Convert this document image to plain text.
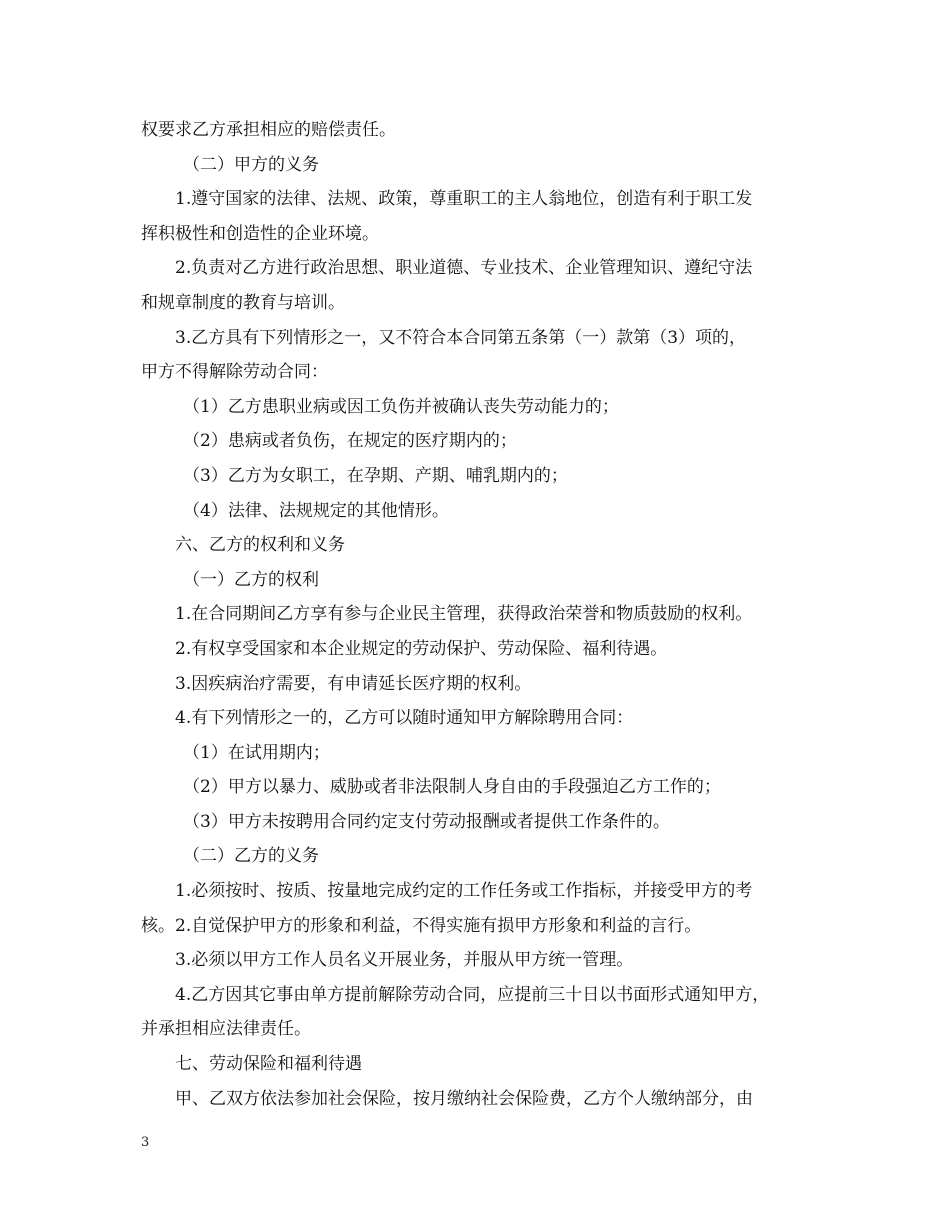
权要求乙方承担相应的赔偿责任。
（二）甲方的义务
1.遵守国家的法律、法规、政策，尊重职工的主人翁地位，创造有利于职工发
挥积极性和创造性的企业环境。
2.负责对乙方进行政治思想、职业道德、专业技术、企业管理知识、遵纪守法
和规章制度的教育与培训。
3.乙方具有下列情形之一，又不符合本合同第五条第（一）款第（3）项的，
甲方不得解除劳动合同：
（1）乙方患职业病或因工负伤并被确认丧失劳动能力的；
（2）患病或者负伤，在规定的医疗期内的；
（3）乙方为女职工，在孕期、产期、哺乳期内的；
（4）法律、法规规定的其他情形。
六、乙方的权利和义务
（一）乙方的权利
1.在合同期间乙方享有参与企业民主管理，获得政治荣誉和物质鼓励的权利。
2.有权享受国家和本企业规定的劳动保护、劳动保险、福利待遇。
3.因疾病治疗需要，有申请延长医疗期的权利。
4.有下列情形之一的，乙方可以随时通知甲方解除聘用合同：
（1）在试用期内；
（2）甲方以暴力、威胁或者非法限制人身自由的手段强迫乙方工作的；
（3）甲方未按聘用合同约定支付劳动报酬或者提供工作条件的。
（二）乙方的义务
1.必须按时、按质、按量地完成约定的工作任务或工作指标，并接受甲方的考
核。2.自觉保护甲方的形象和利益，不得实施有损甲方形象和利益的言行。
3.必须以甲方工作人员名义开展业务，并服从甲方统一管理。
4.乙方因其它事由单方提前解除劳动合同，应提前三十日以书面形式通知甲方，
并承担相应法律责任。
七、劳动保险和福利待遇
甲、乙双方依法参加社会保险，按月缴纳社会保险费，乙方个人缴纳部分，由
3
